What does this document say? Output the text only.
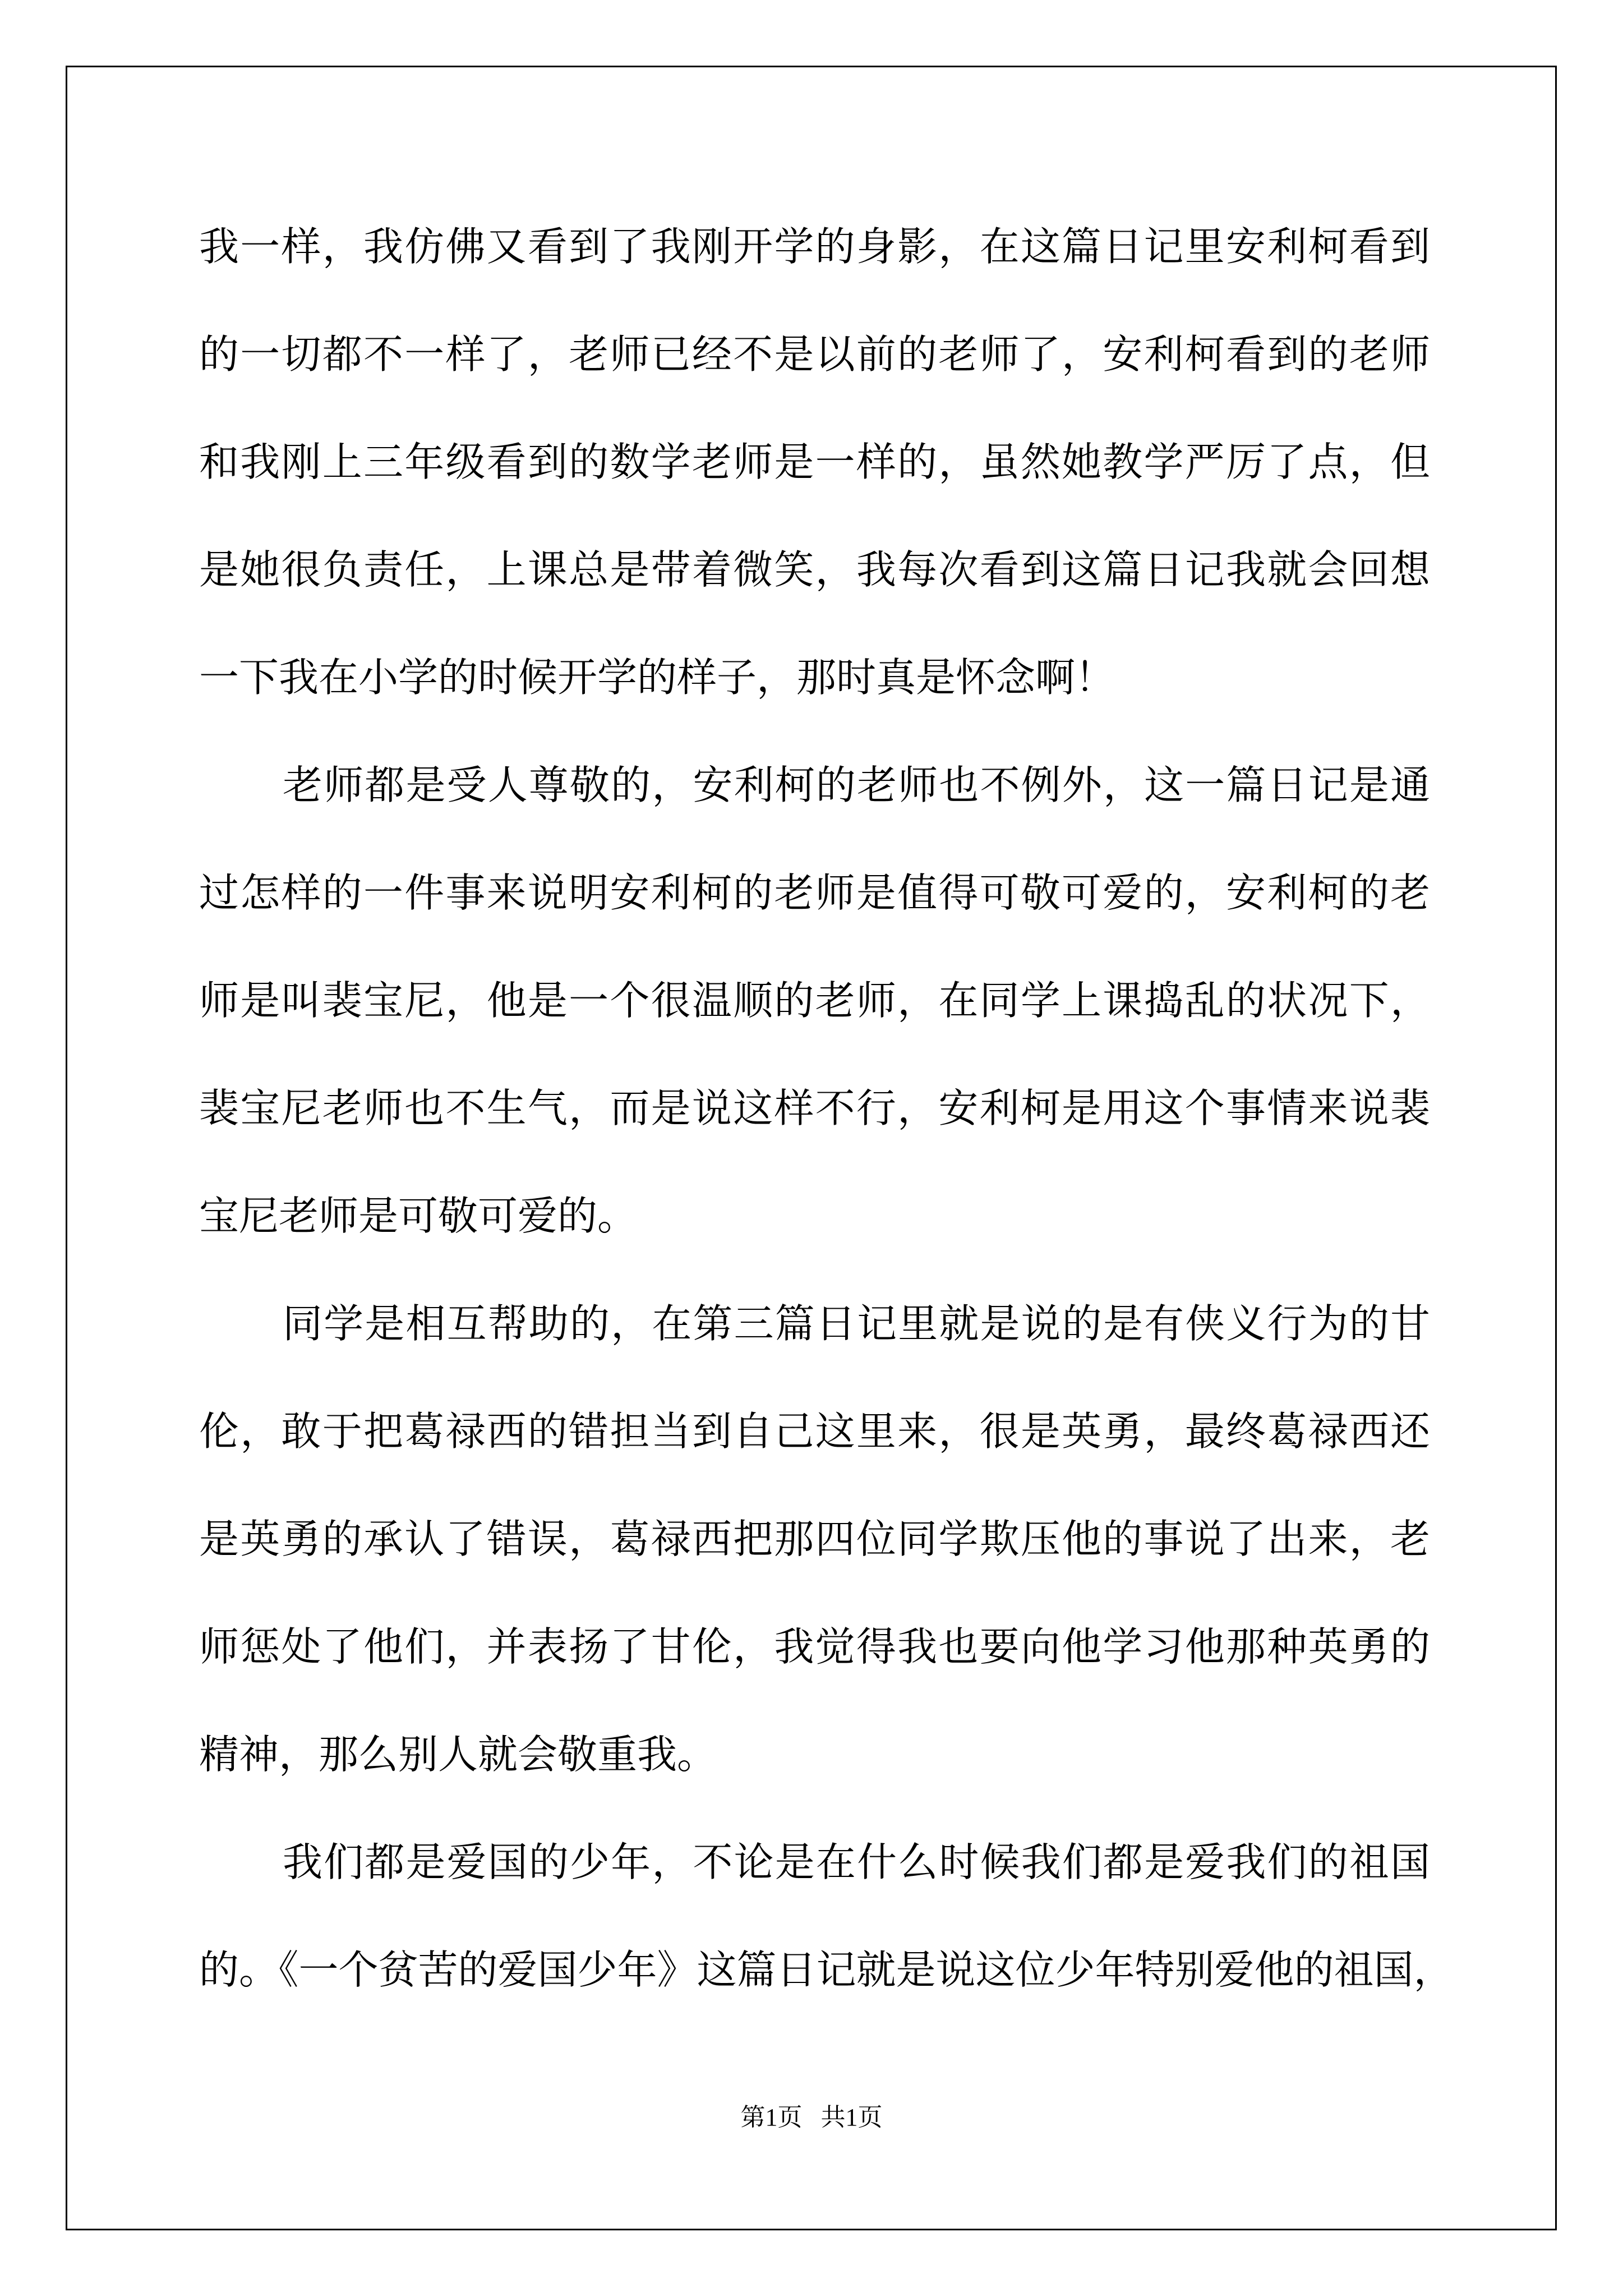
我一样，我仿佛又看到了我刚开学的身影，在这篇日记里安利柯看到
的一切都不一样了，老师已经不是以前的老师了，安利柯看到的老师
和我刚上三年级看到的数学老师是一样的，虽然她教学严厉了点，但
是她很负责任，上课总是带着微笑，我每次看到这篇日记我就会回想
一下我在小学的时候开学的样子，那时真是怀念啊！
老师都是受人尊敬的，安利柯的老师也不例外，这一篇日记是通
过怎样的一件事来说明安利柯的老师是值得可敬可爱的，安利柯的老
师是叫裴宝尼，他是一个很温顺的老师，在同学上课捣乱的状况下，
裴宝尼老师也不生气，而是说这样不行，安利柯是用这个事情来说裴
宝尼老师是可敬可爱的。
同学是相互帮助的，在第三篇日记里就是说的是有侠义行为的甘
伦，敢于把葛禄西的错担当到自己这里来，很是英勇，最终葛禄西还
是英勇的承认了错误，葛禄西把那四位同学欺压他的事说了出来，老
师惩处了他们，并表扬了甘伦，我觉得我也要向他学习他那种英勇的
精神，那么别人就会敬重我。
我们都是爱国的少年，不论是在什么时候我们都是爱我们的祖国
的。《一个贫苦的爱国少年》这篇日记就是说这位少年特别爱他的祖国，
第1页   共1页
